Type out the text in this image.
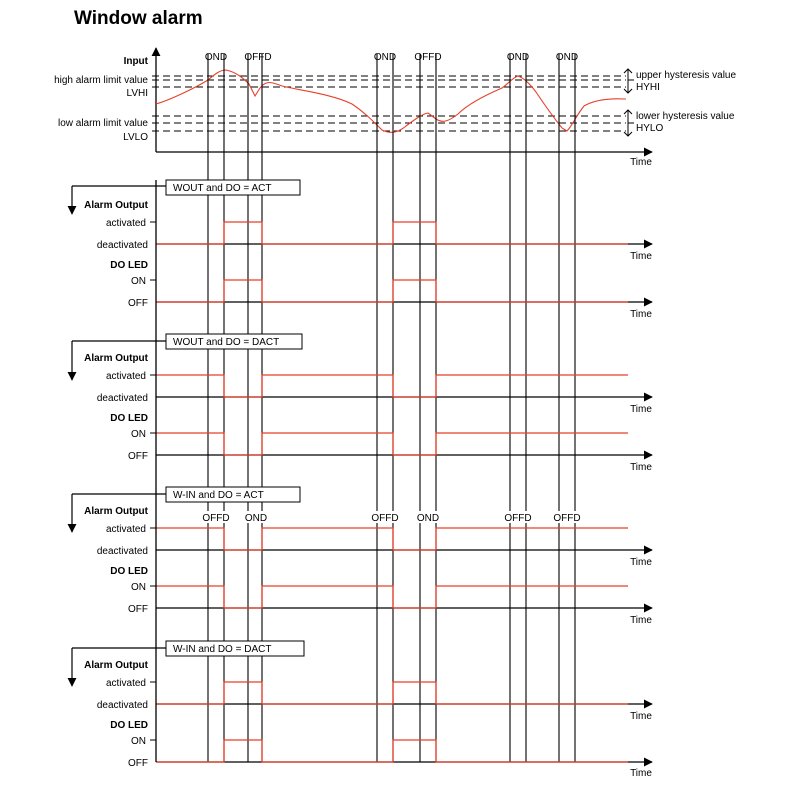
Window alarm
Input
high alarm limit value
LVHI
low alarm limit value
LVLO
upper hysteresis value
HYHI
lower hysteresis value
HYLO
Time
OND OFFD	OND OFFD	OND	OND
WOUT and DO = ACT
Alarm Output
activated
deactivated
DO LED
ON
OFF
Time
Time
WOUT and DO = DACT
Alarm Output
activated
deactivated
DO LED
ON
OFF
Time
Time
W-IN and DO = ACT
Alarm Output
activated
deactivated
DO LED
ON
OFF
Time
Time
OFFD OND	OFFD OND	OFFD OFFD
W-IN and DO = DACT
Alarm Output
activated
deactivated
DO LED
ON
OFF
Time
Time
